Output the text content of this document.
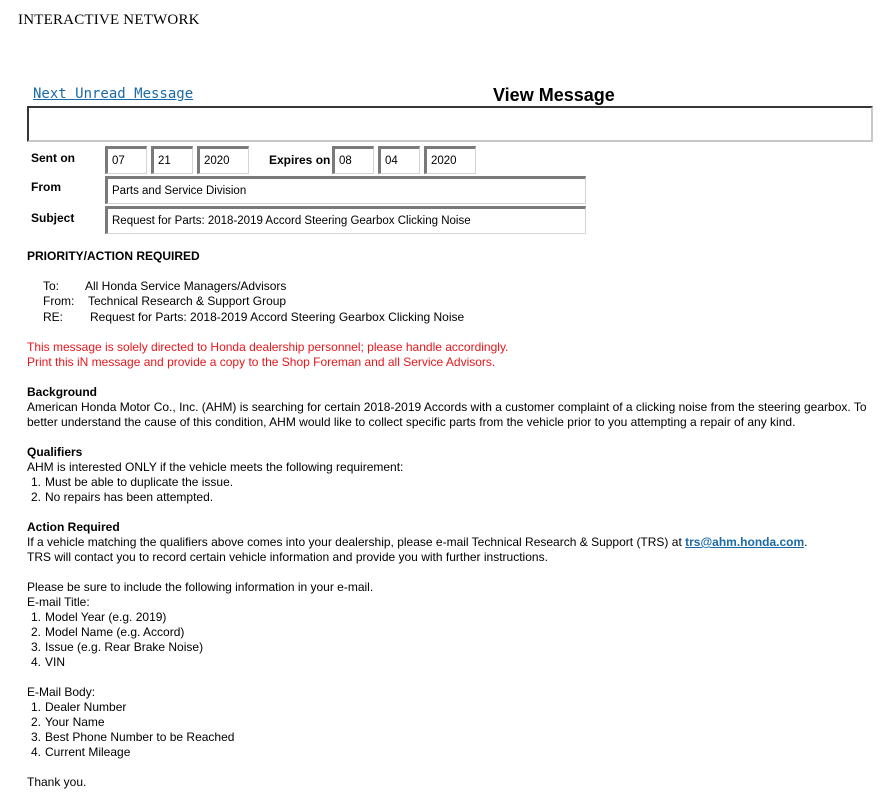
INTERACTIVE NETWORK
Next Unread Message	View Message
Sent on	07	21	2020	Expires on 08	04	2020
From	Parts and Service Division
Subject	Request for Parts: 2018-2019 Accord Steering Gearbox Clicking Noise
PRIORITY/ACTION REQUIRED
To: All Honda Service Managers/Advisors
From: Technical Research & Support Group
RE: Request for Parts: 2018-2019 Accord Steering Gearbox Clicking Noise
This message is solely directed to Honda dealership personnel; please handle accordingly.
Print this iN message and provide a copy to the Shop Foreman and all Service Advisors.
Background
American Honda Motor Co., Inc. (AHM) is searching for certain 2018-2019 Accords with a customer complaint of a clicking noise from the steering gearbox. To better understand the cause of this condition, AHM would like to collect specific parts from the vehicle prior to you attempting a repair of any kind.
Qualifiers
AHM is interested ONLY if the vehicle meets the following requirement:
1. Must be able to duplicate the issue.
2. No repairs has been attempted.
Action Required
If a vehicle matching the qualifiers above comes into your dealership, please e-mail Technical Research & Support (TRS) at trs@ahm.honda.com.
TRS will contact you to record certain vehicle information and provide you with further instructions.
Please be sure to include the following information in your e-mail.
E-mail Title:
1. Model Year (e.g. 2019)
2. Model Name (e.g. Accord)
3. Issue (e.g. Rear Brake Noise)
4. VIN
E-Mail Body:
1. Dealer Number
2. Your Name
3. Best Phone Number to be Reached
4. Current Mileage
Thank you.
